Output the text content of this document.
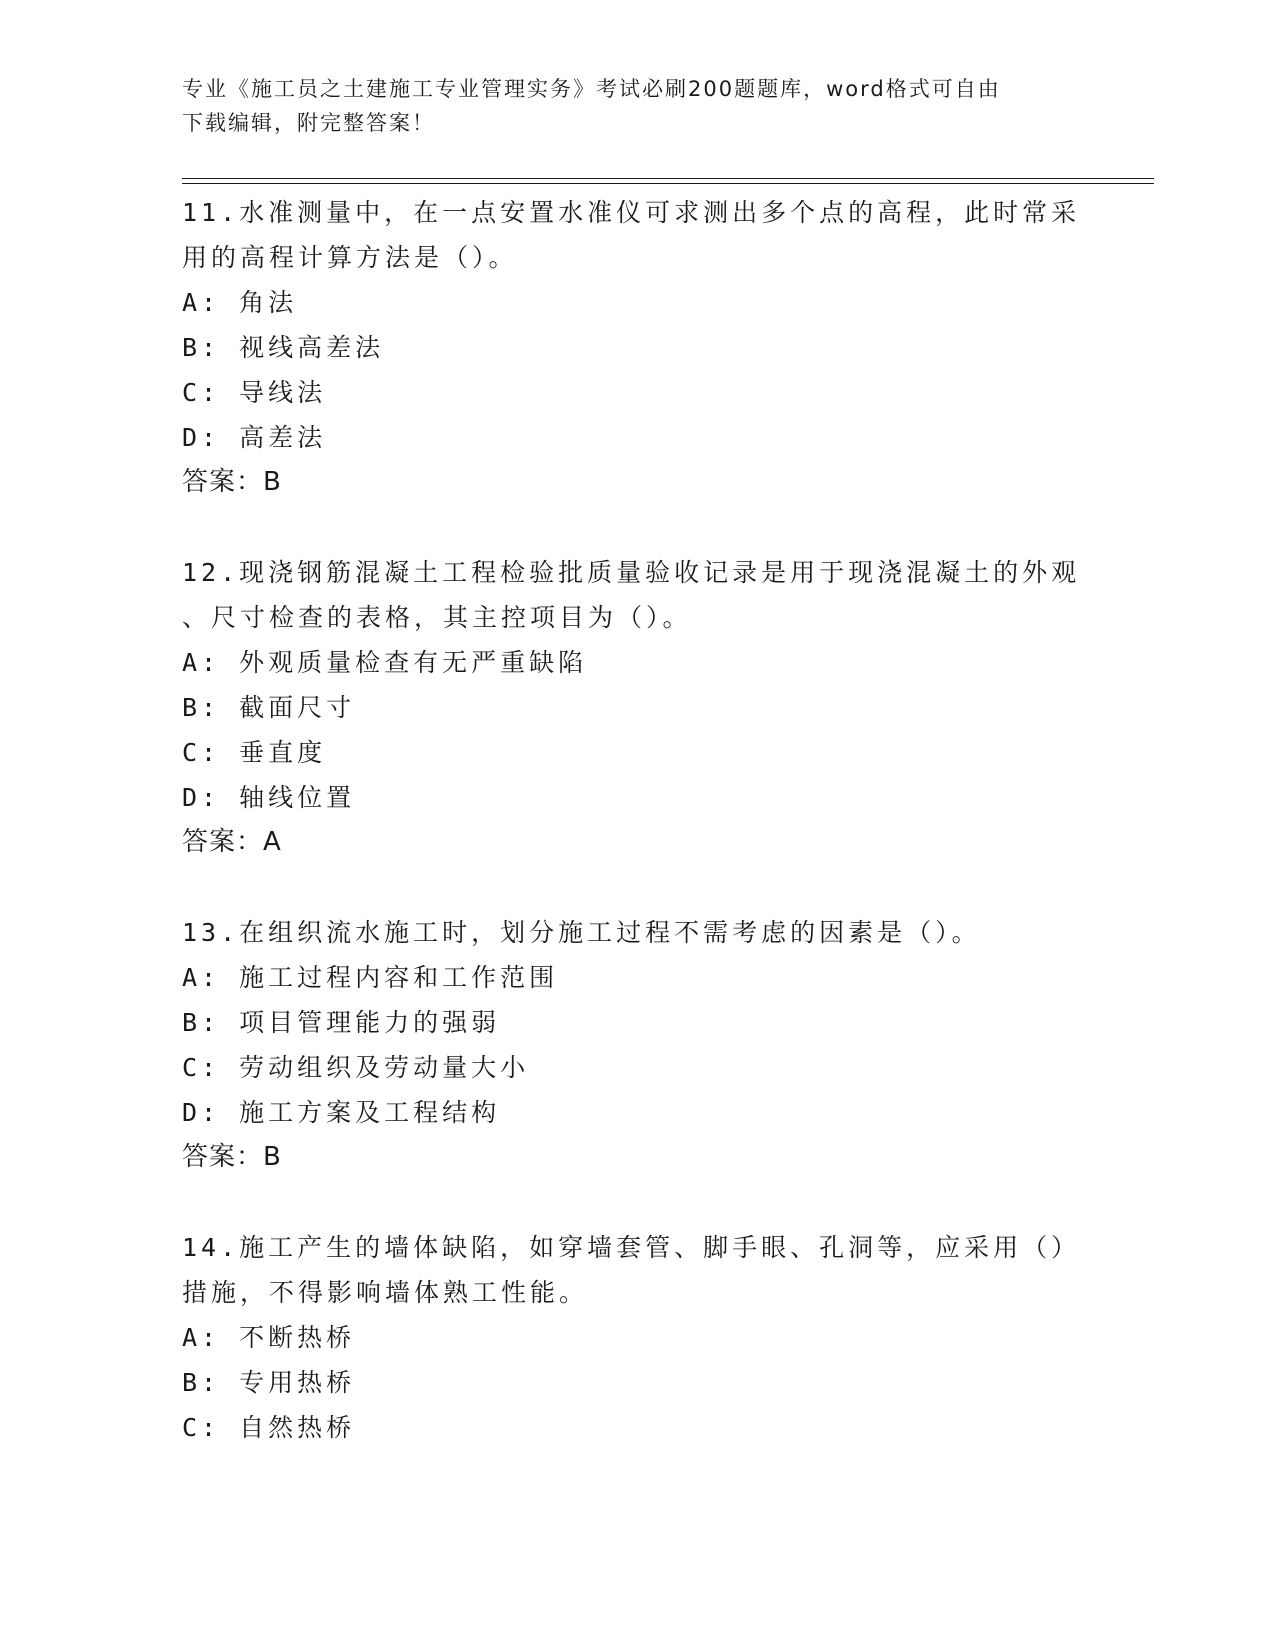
专业《施工员之土建施工专业管理实务》考试必刷200题题库，word格式可自由
下载编辑，附完整答案！
11.水准测量中，在一点安置水准仪可求测出多个点的高程，此时常采
用的高程计算方法是（）。
A: 角法
B: 视线高差法
C: 导线法
D: 高差法
答案：B
12.现浇钢筋混凝土工程检验批质量验收记录是用于现浇混凝土的外观
、尺寸检查的表格，其主控项目为（）。
A: 外观质量检查有无严重缺陷
B: 截面尺寸
C: 垂直度
D: 轴线位置
答案：A
13.在组织流水施工时，划分施工过程不需考虑的因素是（）。
A: 施工过程内容和工作范围
B: 项目管理能力的强弱
C: 劳动组织及劳动量大小
D: 施工方案及工程结构
答案：B
14.施工产生的墙体缺陷，如穿墙套管、脚手眼、孔洞等，应采用（）
措施，不得影响墙体熟工性能。
A: 不断热桥
B: 专用热桥
C: 自然热桥
